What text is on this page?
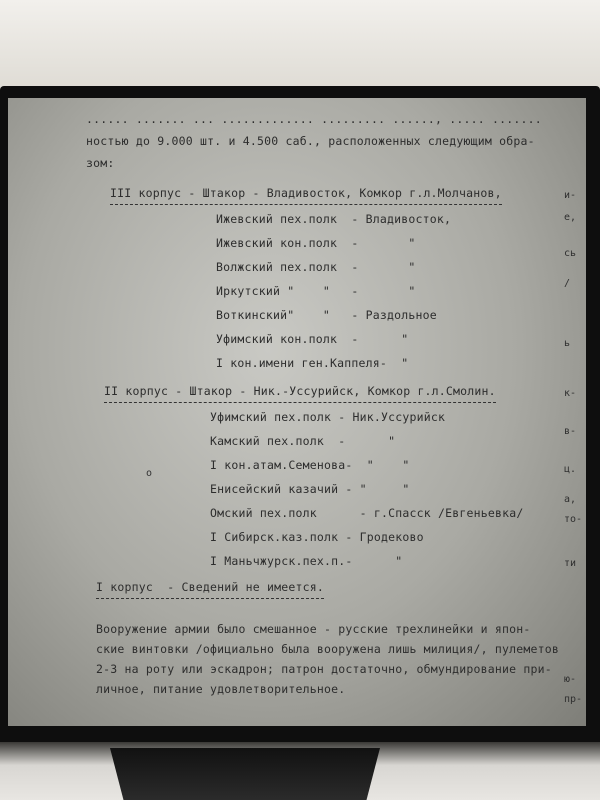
...... ....... ... ............. ......... ......, ..... .......
ностью до 9.000 шт. и 4.500 саб., расположенных следующим обра-
зом:
III корпус - Штакор - Владивосток, Комкор г.л.Молчанов,
Ижевский пех.полк  - Владивосток,
Ижевский кон.полк  -       "
Волжский пех.полк  -       "
Иркутский "    "   -       "
Воткинский"    "   - Раздольное
Уфимский кон.полк  -      "
I кон.имени ген.Каппеля-  "
II корпус - Штакор - Ник.-Уссурийск, Комкор г.л.Смолин.
Уфимский пех.полк - Ник.Уссурийск
Камский пех.полк  -      "
I кон.атам.Семенова-  "    "
Енисейский казачий - "     "
Омский пех.полк      - г.Спасск /Евгеньевка/
I Сибирск.каз.полк - Гродеково
I Маньчжурск.пех.п.-      "
I корпус  - Сведений не имеется.
Вооружение армии было смешанное - русские трехлинейки и япон-
ские винтовки /официально была вооружена лишь милиция/, пулеметов
2-3 на роту или эскадрон; патрон достаточно, обмундирование при-
личное, питание удовлетворительное.
о
и-
е,
сь
/
ь
к-
в-
ц.
а,
то-
ти
ю-
пр-
